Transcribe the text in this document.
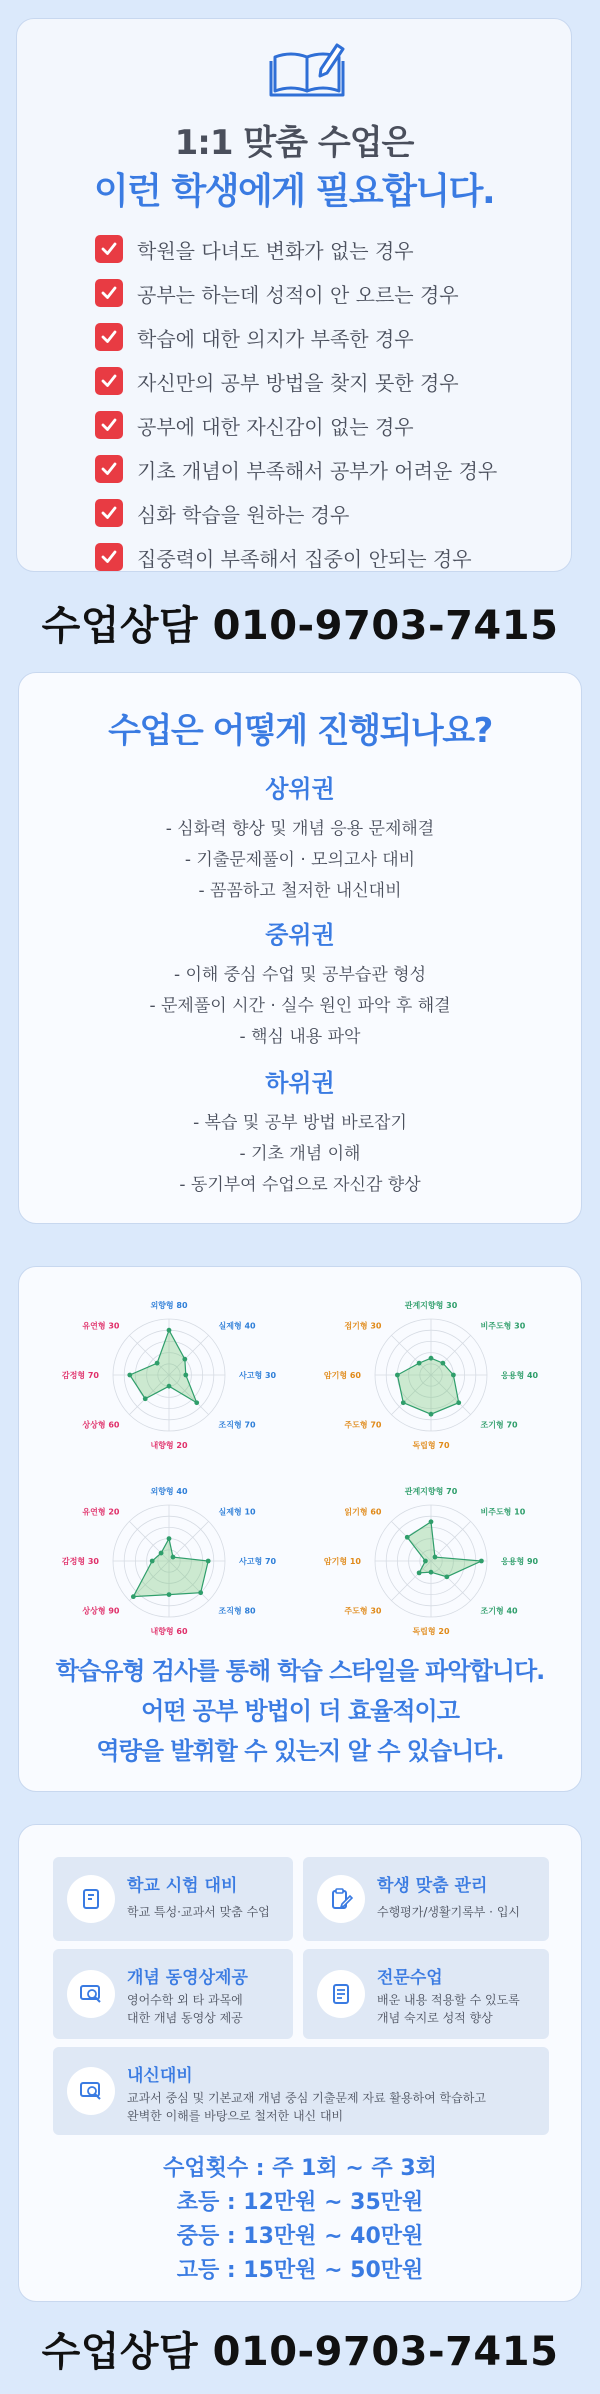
1:1 맞춤 수업은
이런 학생에게 필요합니다.
학원을 다녀도 변화가 없는 경우
공부는 하는데 성적이 안 오르는 경우
학습에 대한 의지가 부족한 경우
자신만의 공부 방법을 찾지 못한 경우
공부에 대한 자신감이 없는 경우
기초 개념이 부족해서 공부가 어려운 경우
심화 학습을 원하는 경우
집중력이 부족해서 집중이 안되는 경우
수업상담 010-9703-7415
수업은 어떻게 진행되나요?
상위권
- 심화력 향상 및 개념 응용 문제해결
- 기출문제풀이 · 모의고사 대비
- 꼼꼼하고 철저한 내신대비
중위권
- 이해 중심 수업 및 공부습관 형성
- 문제풀이 시간 · 실수 원인 파악 후 해결
- 핵심 내용 파악
하위권
- 복습 및 공부 방법 바로잡기
- 기초 개념 이해
- 동기부여 수업으로 자신감 향상
외향형 80
실제형 40
사고형 30
조직형 70
내향형 20
상상형 60
감정형 70
유연형 30
관계지향형 30
비주도형 30
응용형 40
조기형 70
독립형 70
주도형 70
암기형 60
접기형 30
외향형 40
실제형 10
사고형 70
조직형 80
내향형 60
상상형 90
감정형 30
유연형 20
관계지향형 70
비주도형 10
응용형 90
조기형 40
독립형 20
주도형 30
암기형 10
읽기형 60
학습유형 검사를 통해 학습 스타일을 파악합니다.
어떤 공부 방법이 더 효율적이고
역량을 발휘할 수 있는지 알 수 있습니다.
학교 시험 대비
학교 특성·교과서 맞춤 수업
학생 맞춤 관리
수행평가/생활기록부 · 입시
개념 동영상제공
영어수학 외 타 과목에
대한 개념 동영상 제공
전문수업
배운 내용 적용할 수 있도록
개념 숙지로 성적 향상
내신대비
교과서 중심 및 기본교재 개념 중심 기출문제 자료 활용하여 학습하고
완벽한 이해를 바탕으로 철저한 내신 대비
수업횟수 : 주 1회 ~ 주 3회
초등 : 12만원 ~ 35만원
중등 : 13만원 ~ 40만원
고등 : 15만원 ~ 50만원
수업상담 010-9703-7415
